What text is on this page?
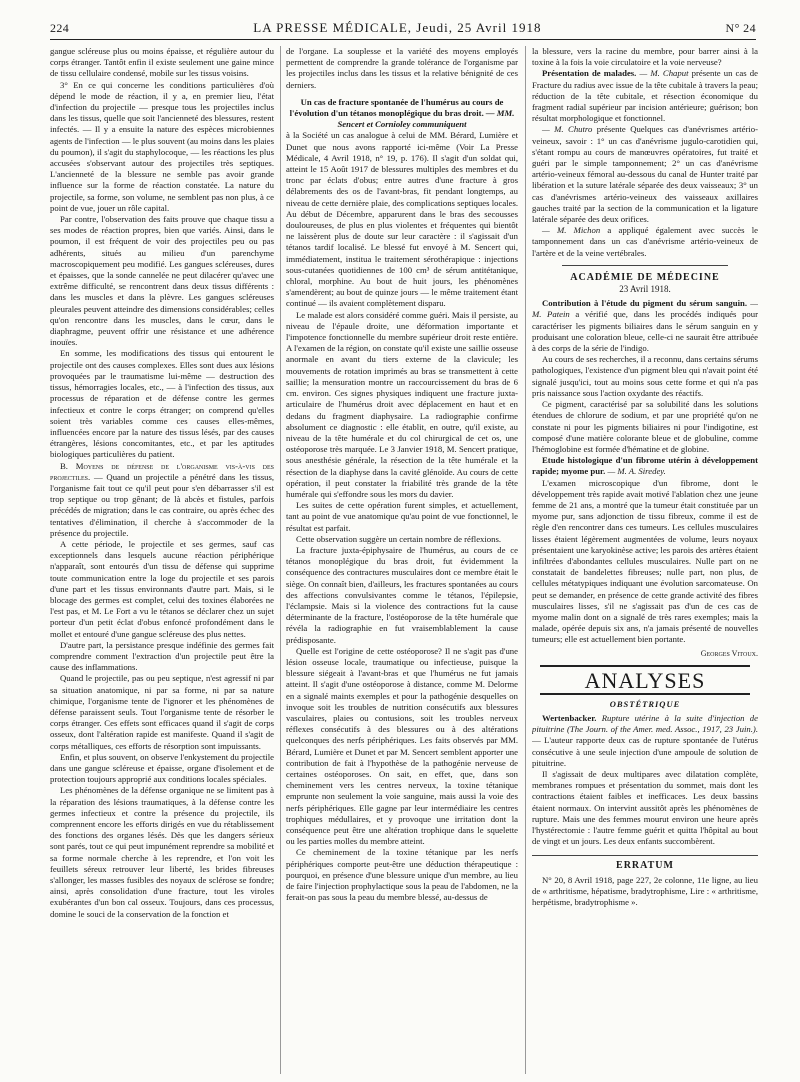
224	LA PRESSE MÉDICALE, Jeudi, 25 Avril 1918	N° 24

gangue scléreuse plus ou moins épaisse, et régulière autour du corps étranger. Tantôt enfin il existe seulement une gaine mince de tissu cellulaire condensé, mobile sur les tissus voisins.

3° En ce qui concerne les conditions particulières d'où dépend le mode de réaction, il y a, en premier lieu, l'état d'infection du projectile — presque tous les projectiles inclus dans les tissus, quelle que soit l'ancienneté des blessures, restent infectés. — Il y a ensuite la nature des espèces microbiennes agents de l'infection — le plus souvent (au moins dans les plaies du poumon), il s'agit du staphylocoque, — les réactions les plus accusées s'observant autour des projectiles très septiques. L'ancienneté de la blessure ne semble pas avoir grande influence sur la forme de réaction constatée. La nature du projectile, sa forme, son volume, ne semblent pas non plus, à ce point de vue, jouer un rôle capital.

Par contre, l'observation des faits prouve que chaque tissu a ses modes de réaction propres, bien que variés. Ainsi, dans le poumon, il est fréquent de voir des projectiles peu ou pas adhérents, situés au milieu d'un parenchyme macroscopiquement peu modifié. Les gangues scléreuses, dures et épaisses, que la sonde cannelée ne peut dilacérer qu'avec une extrême difficulté, se rencontrent dans deux tissus différents : dans les muscles et dans la plèvre. Les gangues scléreuses pleurales peuvent atteindre des dimensions considérables; celles qu'on rencontre dans les muscles, dans le cœur, dans le diaphragme, peuvent offrir une résistance et une adhérence inouïes.

En somme, les modifications des tissus qui entourent le projectile ont des causes complexes. Elles sont dues aux lésions provoquées par le traumatisme lui-même — destruction des tissus, hémorragies locales, etc., — à l'infection des tissus, aux processus de réparation et de défense contre les germes infectieux et contre le corps étranger; on comprend qu'elles soient très variables comme ces causes elles-mêmes, influencées encore par la nature des tissus lésés, par des causes étrangères, lésions concomitantes, etc., et par les aptitudes biologiques particulières du patient.

B. Moyens de défense de l'organisme vis-à-vis des projectiles. — Quand un projectile a pénétré dans les tissus, l'organisme fait tout ce qu'il peut pour s'en débarrasser s'il est trop septique ou trop gênant; de là abcès et fistules, parfois précédés de migration; dans le cas contraire, ou après échec des tentatives d'élimination, il cherche à s'accommoder de la présence du projectile.

A cette période, le projectile et ses germes, sauf cas exceptionnels dans lesquels aucune réaction périphérique n'apparaît, sont entourés d'un tissu de défense qui supprime toute communication entre la loge du projectile et ses parois d'une part et les tissus environnants d'autre part. Mais, si le blocage des germes est complet, celui des toxines élaborées ne l'est pas, et M. Le Fort a vu le tétanos se déclarer chez un sujet porteur d'un petit éclat d'obus enfoncé profondément dans le mollet et entouré d'une gangue scléreuse des plus nettes.

D'autre part, la persistance presque indéfinie des germes fait comprendre comment l'extraction d'un projectile peut être la cause des inflammations.

Quand le projectile, pas ou peu septique, n'est agressif ni par sa situation anatomique, ni par sa forme, ni par sa nature chimique, l'organisme tente de l'ignorer et les phénomènes de défense paraissent seuls. Tout l'organisme tente de résorber le corps étranger. Ces effets sont efficaces quand il s'agit de corps osseux, dont l'altération rapide est manifeste. Quand il s'agit de corps métalliques, ces efforts de résorption sont impuissants.

Enfin, et plus souvent, on observe l'enkystement du projectile dans une gangue scléreuse et épaisse, organe d'isolement et de protection toujours approprié aux conditions locales spéciales.

Les phénomènes de la défense organique ne se limitent pas à la réparation des lésions traumatiques, à la défense contre les germes infectieux et contre la présence du projectile, ils comprennent encore les efforts dirigés en vue du rétablissement des fonctions des organes lésés. Dès que les dangers sérieux sont parés, tout ce qui peut impunément reprendre sa mobilité et sa forme normale cherche à les reprendre, et l'on voit les feuillets séreux retrouver leur liberté, les brides fibreuses s'allonger, les masses fusibles des noyaux de sclérose se fondre; ainsi, après consolidation d'une fracture, tout les viroles exubérantes d'un bon cal osseux. Toujours, dans ces processus, domine le souci de la conservation de la fonction et

de l'organe. La souplesse et la variété des moyens employés permettent de comprendre la grande tolérance de l'organisme par les projectiles inclus dans les tissus et la relative bénignité de ces derniers.

Un cas de fracture spontanée de l'humérus au cours de l'évolution d'un tétanos monoplégique du bras droit. — MM. Sencert et Cornioley communiquent

à la Société un cas analogue à celui de MM. Bérard, Lumière et Dunet que nous avons rapporté ici-même (Voir La Presse Médicale, 4 Avril 1918, n° 19, p. 176). Il s'agit d'un soldat qui, atteint le 15 Août 1917 de blessures multiples des membres et du tronc par éclats d'obus; entre autres d'une fracture à gros délabrements des os de l'avant-bras, fit pendant longtemps, au niveau de cette dernière plaie, des complications septiques locales. Au début de Décembre, apparurent dans le bras des secousses douloureuses, de plus en plus violentes et fréquentes qui bientôt ne laissèrent plus de doute sur leur caractère : il s'agissait d'un tétanos tardif localisé. Le blessé fut envoyé à M. Sencert qui, immédiatement, institua le traitement sérothérapique : injections sous-cutanées quotidiennes de 100 cm³ de sérum antitétanique, chloral, morphine. Au bout de huit jours, les phénomènes s'amendèrent; au bout de quinze jours — le même traitement étant continué — ils avaient complètement disparu.

Le malade est alors considéré comme guéri. Mais il persiste, au niveau de l'épaule droite, une déformation importante et l'impotence fonctionnelle du membre supérieur droit reste entière. A l'examen de la région, on constate qu'il existe une saillie osseuse anormale en avant du tiers externe de la clavicule; les mouvements de rotation imprimés au bras se transmettent à cette saillie; la mensuration montre un raccourcissement du bras de 6 cm. environ. Ces signes physiques indiquent une fracture juxta-articulaire de l'humérus droit avec déplacement en haut et en dedans du fragment diaphysaire. La radiographie confirme absolument ce diagnostic : elle établit, en outre, qu'il existe, au niveau de la tête humérale et du col chirurgical de cet os, une ostéoporose très marquée. Le 3 Janvier 1918, M. Sencert pratique, sous anesthésie générale, la résection de la tête humérale et la résection de la diaphyse dans la cavité glénoïde. Au cours de cette opération, il peut constater la friabilité très grande de la tête humérale qui s'effondre sous les mors du davier.

Les suites de cette opération furent simples, et actuellement, tant au point de vue anatomique qu'au point de vue fonctionnel, le résultat est parfait.

Cette observation suggère un certain nombre de réflexions.

La fracture juxta-épiphysaire de l'humérus, au cours de ce tétanos monoplégique du bras droit, fut évidemment la conséquence des contractures musculaires dont ce membre était le siège. On connaît bien, d'ailleurs, les fractures spontanées au cours des affections convulsivantes comme le tétanos, l'épilepsie, l'éclampsie. Mais si la violence des contractions fut la cause déterminante de la fracture, l'ostéoporose de la tête humérale que révéla la radiographie en fut vraisemblablement la cause prédisposante.

Quelle est l'origine de cette ostéoporose? Il ne s'agit pas d'une lésion osseuse locale, traumatique ou infectieuse, puisque la blessure siégeait à l'avant-bras et que l'humérus ne fut jamais atteint. Il s'agit d'une ostéoporose à distance, comme M. Delorme en a signalé maints exemples et pour la pathogénie desquelles on invoque soit les troubles de nutrition consécutifs aux blessures vasculaires, plaies ou contusions, soit les troubles nerveux réflexes consécutifs à des blessures ou à des altérations quelconques des nerfs périphériques. Les faits observés par MM. Bérard, Lumière et Dunet et par M. Sencert semblent apporter une contribution de fait à l'hypothèse de la pathogénie nerveuse de certaines ostéoporoses. On sait, en effet, que, dans son cheminement vers les centres nerveux, la toxine tétanique emprunte non seulement la voie sanguine, mais aussi la voie des nerfs périphériques. Elle gagne par leur intermédiaire les centres trophiques médullaires, et y provoque une irritation dont la conséquence peut être une altération trophique dans le squelette ou les parties molles du membre atteint.

Ce cheminement de la toxine tétanique par les nerfs périphériques comporte peut-être une déduction thérapeutique : pourquoi, en présence d'une blessure unique d'un membre, au lieu de faire l'injection prophylactique sous la peau de l'abdomen, ne la ferait-on pas sous la peau du membre blessé, au-dessus de

la blessure, vers la racine du membre, pour barrer ainsi à la toxine à la fois la voie circulatoire et la voie nerveuse?

Présentation de malades. — M. Chaput présente un cas de Fracture du radius avec issue de la tête cubitale à travers la peau; réduction de la tête cubitale, et résection économique du fragment radial supérieur par incision antérieure; guérison; bon résultat morphologique et fonctionnel.

— M. Chutro présente Quelques cas d'anévrismes artério-veineux, savoir : 1° un cas d'anévrisme jugulo-carotidien qui, s'étant rompu au cours de manœuvres opératoires, fut traité et guéri par le simple tamponnement; 2° un cas d'anévrisme artério-veineux fémoral au-dessous du canal de Hunter traité par libération et la suture latérale séparée des deux vaisseaux; 3° un cas d'anévrismes artério-veineux des vaisseaux axillaires gauches traité par la section de la communication et la ligature latérale séparée des deux orifices.

— M. Michon a appliqué également avec succès le tamponnement dans un cas d'anévrisme artério-veineux de l'artère et de la veine vertébrales.

ACADÉMIE DE MÉDECINE
23 Avril 1918.

Contribution à l'étude du pigment du sérum sanguin. — M. Patein a vérifié que, dans les procédés indiqués pour caractériser les pigments biliaires dans le sérum sanguin en y produisant une coloration bleue, celle-ci ne saurait être attribuée à des corps de la série de l'indigo.

Au cours de ses recherches, il a reconnu, dans certains sérums pathologiques, l'existence d'un pigment bleu qui n'avait point été signalé jusqu'ici, tout au moins sous cette forme et qui n'a pas pris naissance sous l'action oxydante des réactifs.

Ce pigment, caractérisé par sa solubilité dans les solutions étendues de chlorure de sodium, et par une propriété qu'on ne constate ni pour les pigments biliaires ni pour l'indigotine, est composé d'une matière colorante bleue et de globuline, comme l'hémoglobine est formée d'hématine et de globine.

Etude histologique d'un fibrome utérin à développement rapide; myome pur. — M. A. Siredey.

L'examen microscopique d'un fibrome, dont le développement très rapide avait motivé l'ablation chez une jeune femme de 21 ans, a montré que la tumeur était constituée par un myome pur, sans adjonction de tissu fibreux, comme il est de règle d'en rencontrer dans ces tumeurs. Les cellules musculaires lisses étaient légèrement augmentées de volume, leurs noyaux présentaient une karyokinèse active; les parois des artères étaient infiltrées d'abondantes cellules musculaires. Nulle part on ne constatait de bandelettes fibreuses; nulle part, non plus, de cellules métatypiques indiquant une évolution sarcomateuse. On peut se demander, en présence de cette grande activité des fibres musculaires lisses, s'il ne s'agissait pas d'un de ces cas de myome malin dont on a signalé de très rares exemples; mais la malade, opérée depuis six ans, n'a jamais présenté de nouvelles tumeurs; elle est actuellement bien portante.

Georges Vitoux.
ANALYSES
OBSTÉTRIQUE

Wertenbacker. Rupture utérine à la suite d'injection de pituitrine (The Journ. of the Amer. med. Assoc., 1917, 23 Juin.). — L'auteur rapporte deux cas de rupture spontanée de l'utérus consécutive à une seule injection d'une ampoule de solution de pituitrine.

Il s'agissait de deux multipares avec dilatation complète, membranes rompues et présentation du sommet, mais dont les contractions étaient faibles et inefficaces. Les deux bassins étaient normaux. On intervint aussitôt après les phénomènes de rupture. Mais une des femmes mourut environ une heure après l'hystérectomie : l'autre femme guérit et quitta l'hôpital au bout de vingt et un jours. Les deux enfants succombèrent.

ERRATUM

N° 20, 8 Avril 1918, page 227, 2e colonne, 11e ligne, au lieu de « arthritisme, hépatisme, bradytrophisme, Lire : « arthritisme, herpétisme, bradytrophisme ».
